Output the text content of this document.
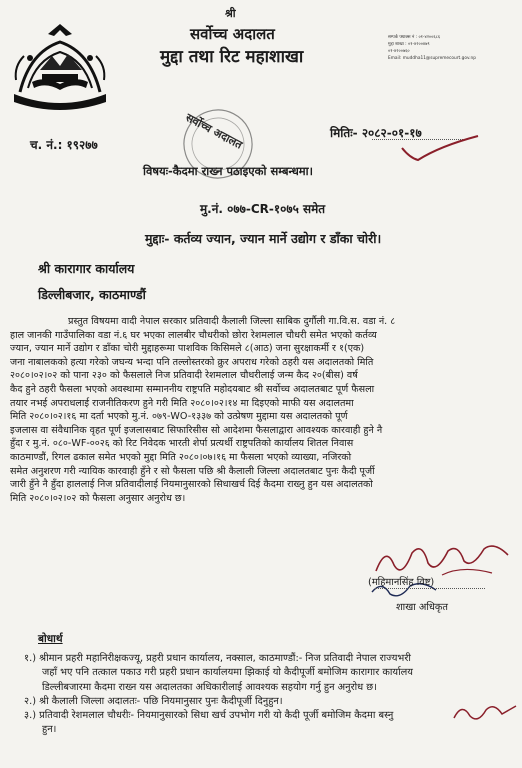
श्री
सर्वोच्च अदालत
मुद्दा तथा रिट महाशाखा
सम्पर्क फ्याक्स नं : ०१-४२००६८६
मुद्दा शाखा : ०१-४२००४७९
०१-४२००७६०
Email: muddha11@supremecourt.gov.np
च. नं.: १९२७७
मितिः- २०८२-०१-१७
सर्वोच्च अदालत
विषयः-कैदमा राख्न पठाइएको सम्बन्धमा।
मु.नं. ०७७-CR-१०७५ समेत
मुद्दाः- कर्तव्य ज्यान, ज्यान मार्ने उद्योग र डाँका चोरी।
श्री कारागार कार्यालय
डिल्लीबजार, काठमाण्डौं
प्रस्तुत विषयमा वादी नेपाल सरकार प्रतिवादी कैलाली जिल्ला साबिक दुर्गौली गा.वि.स. वडा नं. ८
हाल जानकी गाउँपालिका वडा नं.६ घर भएका लालबीर चौधरीको छोरा रेशमलाल चौधरी समेत भएको कर्तव्य
ज्यान, ज्यान मार्ने उद्योग र डाँका चोरी मुद्दाहरूमा पाशविक किसिमले ८(आठ) जना सुरक्षाकर्मी र १(एक)
जना नाबालकको हत्या गरेको जघन्य भन्दा पनि तल्लोस्तरको क्रुर अपराध गरेको ठहरी यस अदालतको मिति
२०८०।०२।०२ को पाना २३० को फैसलाले निज प्रतिवादी रेशमलाल चौधरीलाई जन्म कैद २०(बीस) वर्ष
कैद हुने ठहरी फैसला भएको अवस्थामा सम्माननीय राष्ट्रपति महोदयबाट श्री सर्वोच्च अदालतबाट पूर्ण फैसला
तयार नभई अपराधलाई राजनीतिकरण हुने गरी मिति २०८०।०२।१४ मा दिइएको माफी यस अदालतमा
मिति २०८०।०२।१६ मा दर्ता भएको मु.नं. ०७९-WO-१३३७ को उत्प्रेषण मुद्दामा यस अदालतको पूर्ण
इजलास वा संवैधानिक वृहत पूर्ण इजलासबाट सिफारिसीस सो आदेशमा फैसलाद्वारा आवश्यक कारवाही हुने नै
हुँदा र मु.नं. ०८०-WF-००२६ को रिट निवेदक भारती शेर्पा प्रत्यर्थी राष्ट्रपतिको कार्यालय शितल निवास
काठमाण्डौं, रिगल ढकाल समेत भएको मुद्दा मिति २०८०।०७।१६ मा फैसला भएको व्याख्या, नजिरको
समेत अनुशरण गरी न्यायिक कारवाही हुँने र सो फैसला पछि श्री कैलाली जिल्ला अदालतबाट पुनः कैदी पूर्जी
जारी हुँने नै हुँदा हाललाई निज प्रतिवादीलाई नियमानुसारको सिधाखर्च दिई कैदमा राख्नु हुन यस अदालतको
मिति २०८०।०२।०२ को फैसला अनुसार अनुरोध छ।
(महिमानसिंह विष्ट)
शाखा अधिकृत
बोधार्थ
१.) श्रीमान प्रहरी महानिरीक्षकज्यू, प्रहरी प्रधान कार्यालय, नक्साल, काठमाण्डौं:- निज प्रतिवादी नेपाल राज्यभरी
जहाँ भए पनि तत्काल पकाउ गरी प्रहरी प्रधान कार्यालयमा झिकाई यो कैदीपूर्जी बमोजिम कारागार कार्यालय
डिल्लीबजारमा कैदमा राख्न यस अदालतका अधिकारीलाई आवश्यक सहयोग गर्नु हुन अनुरोध छ।
२.) श्री कैलाली जिल्ला अदालतः- पछि नियमानुसार पुनः कैदीपूर्जी दिनुहुन।
३.) प्रतिवादी रेशमलाल चौधरीः- नियमानुसारको सिधा खर्च उपभोग गरी यो कैदी पूर्जी बमोजिम कैदमा बस्नु
हुन।
